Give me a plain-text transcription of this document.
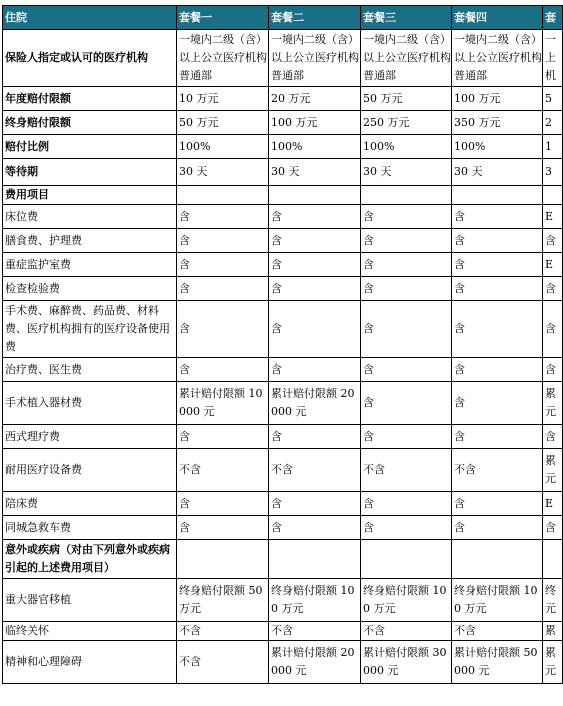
住院	套餐一	套餐二	套餐三	套餐四	套
保险人指定或认可的医疗机构	一境内二级（含）以上公立医疗机构普通部	一境内二级（含）以上公立医疗机构普通部	一境内二级（含）以上公立医疗机构普通部	一境内二级（含）以上公立医疗机构普通部	一上机
年度赔付限额	10 万元	20 万元	50 万元	100 万元	5
终身赔付限额	50 万元	100 万元	250 万元	350 万元	2
赔付比例	100%	100%	100%	100%	1
等待期	30 天	30 天	30 天	30 天	3
费用项目					
床位费	含	含	含	含	E
膳食费、护理费	含	含	含	含	含
重症监护室费	含	含	含	含	E
检查检验费	含	含	含	含	含
手术费、麻醉费、药品费、材料费、医疗机构拥有的医疗设备使用费	含	含	含	含	含
治疗费、医生费	含	含	含	含	含
手术植入器材费	累计赔付限额 10000 元	累计赔付限额 20000 元	含	含	累元
西式理疗费	含	含	含	含	含
耐用医疗设备费	不含	不含	不含	不含	累元
陪床费	含	含	含	含	E
同城急救车费	含	含	含	含	含
意外或疾病（对由下列意外或疾病引起的上述费用项目）					
重大器官移植	终身赔付限额 50 万元	终身赔付限额 100 万元	终身赔付限额 100 万元	终身赔付限额 100 万元	终元
临终关怀	不含	不含	不含	不含	累
精神和心理障碍	不含	累计赔付限额 20000 元	累计赔付限额 30000 元	累计赔付限额 50000 元	累元
